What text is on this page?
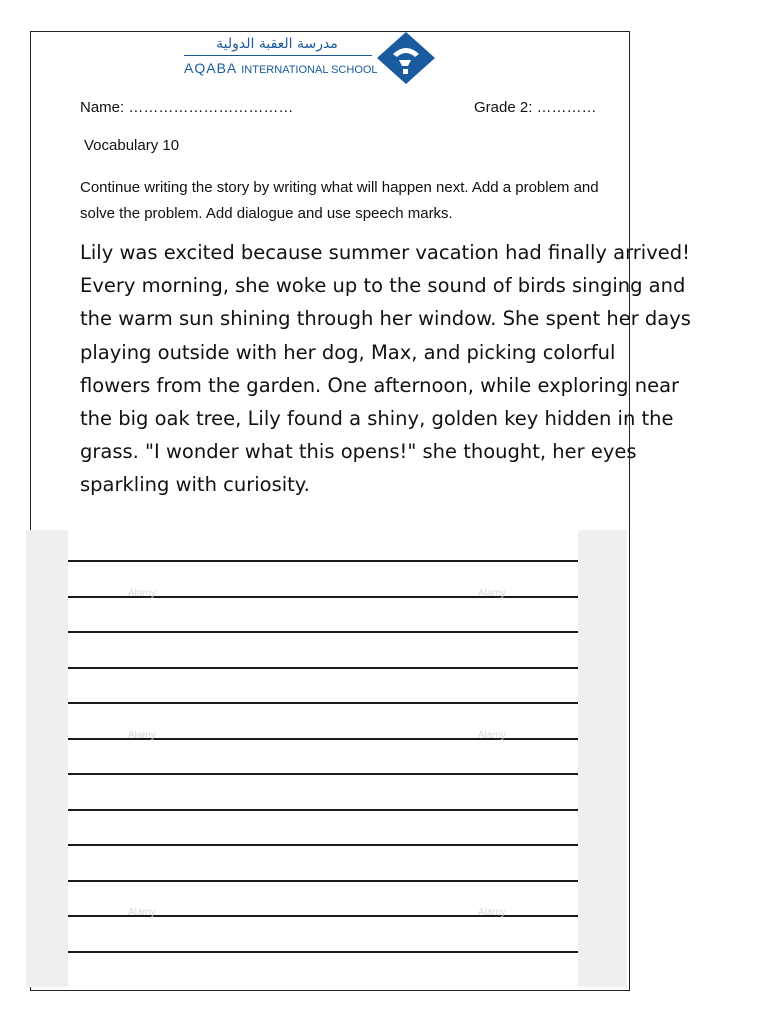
مدرسة العقبة الدولية
AQABA INTERNATIONAL SCHOOL
Name: ……………………………	Grade 2: …………
Vocabulary 10
Continue writing the story by writing what will happen next. Add a problem and
solve the problem. Add dialogue and use speech marks.
Lily was excited because summer vacation had finally arrived!
Every morning, she woke up to the sound of birds singing and
the warm sun shining through her window. She spent her days
playing outside with her dog, Max, and picking colorful
flowers from the garden. One afternoon, while exploring near
the big oak tree, Lily found a shiny, golden key hidden in the
grass. "I wonder what this opens!" she thought, her eyes
sparkling with curiosity.
Alamy	Alamy
Alamy	Alamy
Alamy	Alamy
